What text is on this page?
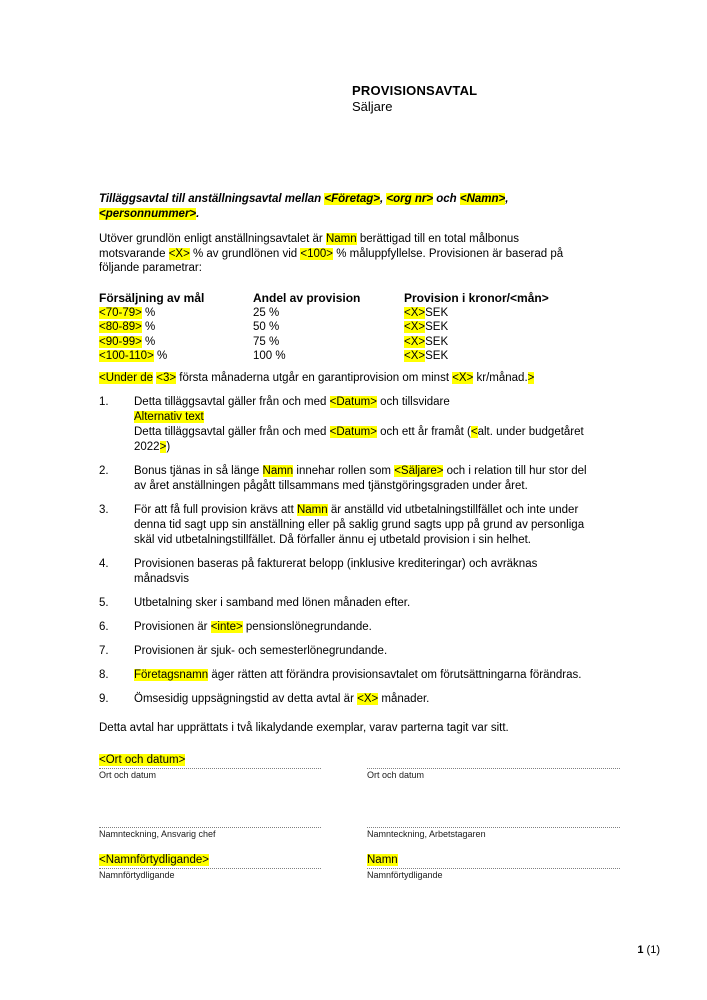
PROVISIONSAVTAL
Säljare
Tilläggsavtal till anställningsavtal mellan <Företag>, <org nr> och <Namn>,
<personnummer>.
Utöver grundlön enligt anställningsavtalet är Namn berättigad till en total målbonus
motsvarande <X> % av grundlönen vid <100> % måluppfyllelse. Provisionen är baserad på
följande parametrar:
Försäljning av mål	Andel av provision	Provision i kronor/<mån>
<70-79> %	25 %	<X>SEK
<80-89> %	50 %	<X>SEK
<90-99> %	75 %	<X>SEK
<100-110> %	100 %	<X>SEK
<Under de <3> första månaderna utgår en garantiprovision om minst <X> kr/månad.>
1.	Detta tilläggsavtal gäller från och med <Datum> och tillsvidare
Alternativ text
Detta tilläggsavtal gäller från och med <Datum> och ett år framåt (<alt. under budgetåret
2022>)
2.	Bonus tjänas in så länge Namn innehar rollen som <Säljare> och i relation till hur stor del
av året anställningen pågått tillsammans med tjänstgöringsgraden under året.
3.	För att få full provision krävs att Namn är anställd vid utbetalningstillfället och inte under
denna tid sagt upp sin anställning eller på saklig grund sagts upp på grund av personliga
skäl vid utbetalningstillfället. Då förfaller ännu ej utbetald provision i sin helhet.
4.	Provisionen baseras på fakturerat belopp (inklusive krediteringar) och avräknas
månadsvis
5.	Utbetalning sker i samband med lönen månaden efter.
6.	Provisionen är <inte> pensionslönegrundande.
7.	Provisionen är sjuk- och semesterlönegrundande.
8.	Företagsnamn äger rätten att förändra provisionsavtalet om förutsättningarna förändras.
9.	Ömsesidig uppsägningstid av detta avtal är <X> månader.
Detta avtal har upprättats i två likalydande exemplar, varav parterna tagit var sitt.
<Ort och datum>
Ort och datum	Ort och datum
Namnteckning, Ansvarig chef
<Namnförtydligande>
Namnförtydligande
Namnteckning, Arbetstagaren
Namn
Namnförtydligande
1 (1)
